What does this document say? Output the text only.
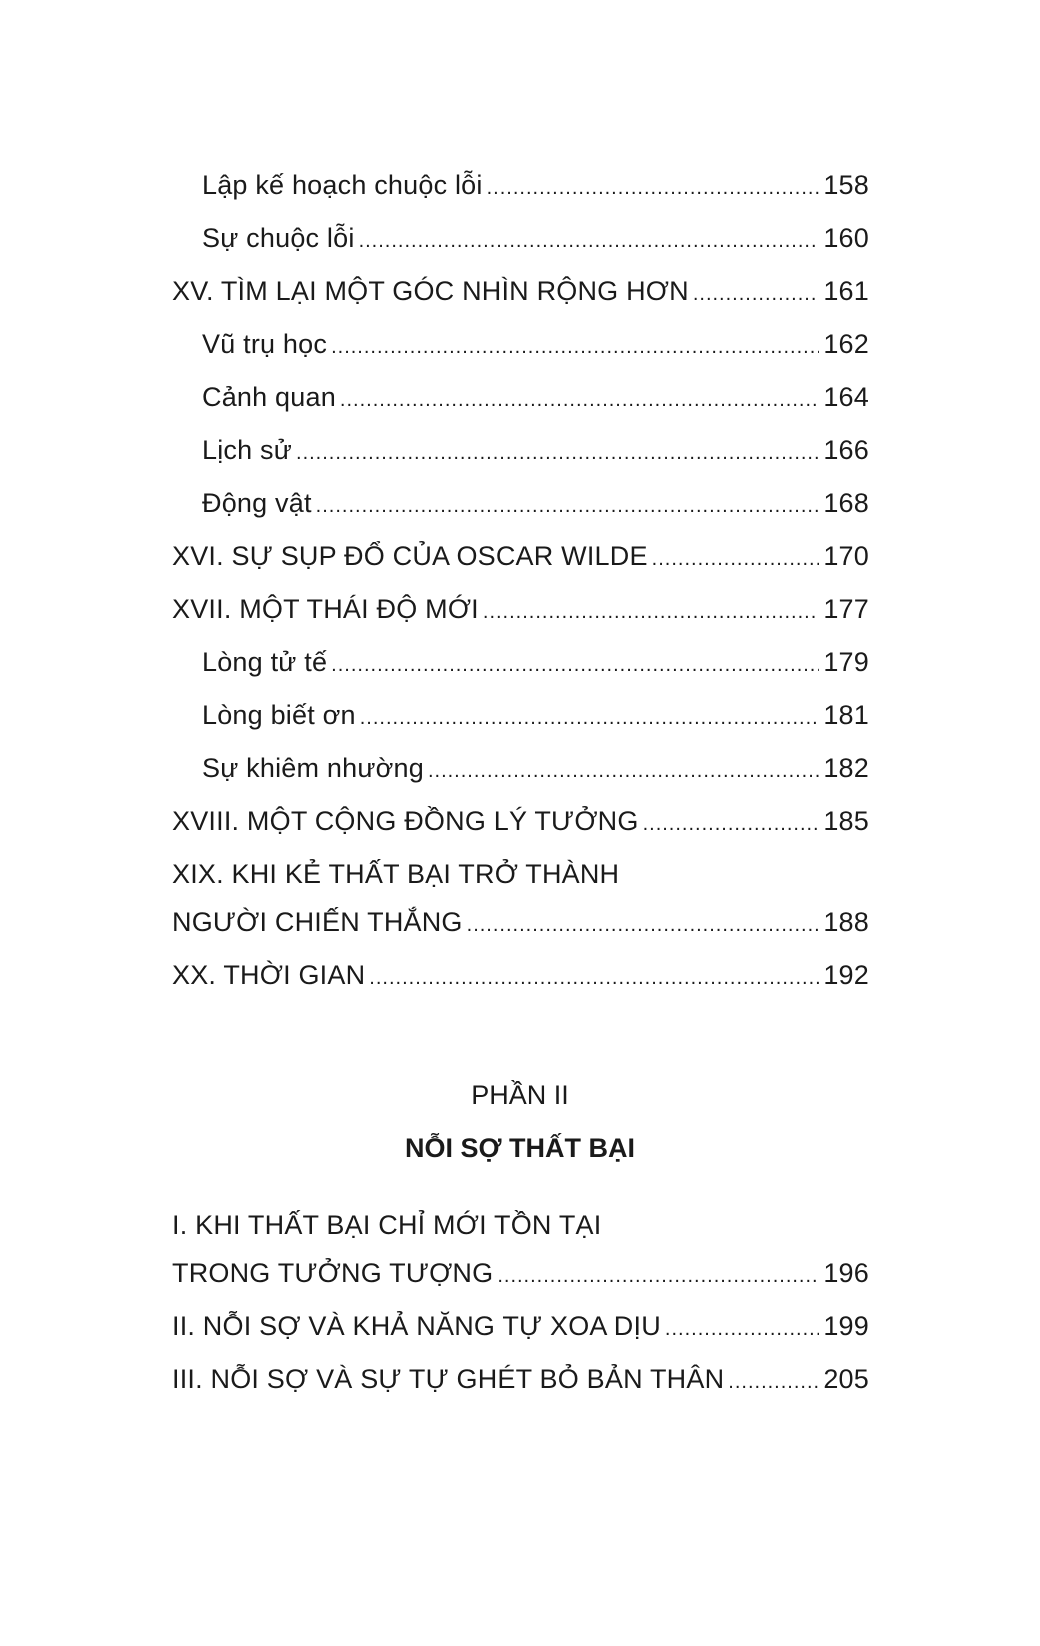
Lập kế hoạch chuộc lỗi .....	158
Sự chuộc lỗi .....	160
XV. TÌM LẠI MỘT GÓC NHÌN RỘNG HƠN .....	161
Vũ trụ học .....	162
Cảnh quan .....	164
Lịch sử .....	166
Động vật .....	168
XVI. SỰ SỤP ĐỔ CỦA OSCAR WILDE .....	170
XVII. MỘT THÁI ĐỘ MỚI .....	177
Lòng tử tế .....	179
Lòng biết ơn .....	181
Sự khiêm nhường .....	182
XVIII. MỘT CỘNG ĐỒNG LÝ TƯỞNG .....	185
XIX. KHI KẺ THẤT BẠI TRỞ THÀNH
NGƯỜI CHIẾN THẮNG .....	188
XX. THỜI GIAN .....	192
PHẦN II
NỖI SỢ THẤT BẠI
I. KHI THẤT BẠI CHỈ MỚI TỒN TẠI
TRONG TƯỞNG TƯỢNG .....	196
II. NỖI SỢ VÀ KHẢ NĂNG TỰ XOA DỊU .....	199
III. NỖI SỢ VÀ SỰ TỰ GHÉT BỎ BẢN THÂN .....	205
